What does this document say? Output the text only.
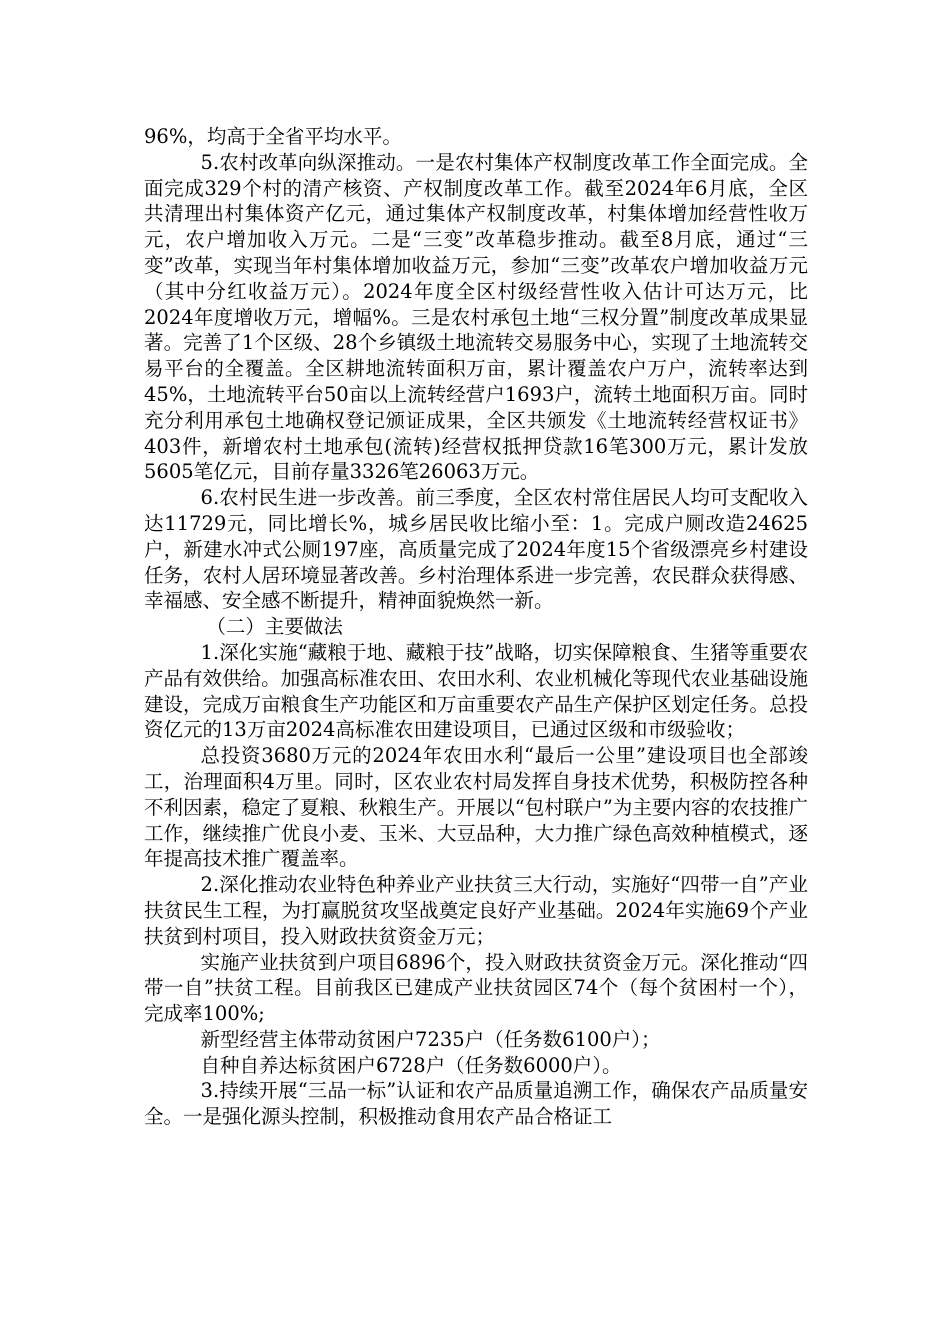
96%，均高于全省平均水平。

5.农村改革向纵深推动。一是农村集体产权制度改革工作全面完成。全面完成329个村的清产核资、产权制度改革工作。截至2024年6月底，全区共清理出村集体资产亿元，通过集体产权制度改革，村集体增加经营性收万元，农户增加收入万元。二是“三变”改革稳步推动。截至8月底，通过“三变”改革，实现当年村集体增加收益万元，参加“三变”改革农户增加收益万元（其中分红收益万元）。2024年度全区村级经营性收入估计可达万元，比2024年度增收万元，增幅%。三是农村承包土地“三权分置”制度改革成果显著。完善了1个区级、28个乡镇级土地流转交易服务中心，实现了土地流转交易平台的全覆盖。全区耕地流转面积万亩，累计覆盖农户万户，流转率达到45%，土地流转平台50亩以上流转经营户1693户，流转土地面积万亩。同时充分利用承包土地确权登记颁证成果，全区共颁发《土地流转经营权证书》403件，新增农村土地承包(流转)经营权抵押贷款16笔300万元，累计发放5605笔亿元，目前存量3326笔26063万元。

6.农村民生进一步改善。前三季度，全区农村常住居民人均可支配收入达11729元，同比增长%，城乡居民收比缩小至：1。完成户厕改造24625户，新建水冲式公厕197座，高质量完成了2024年度15个省级漂亮乡村建设任务，农村人居环境显著改善。乡村治理体系进一步完善，农民群众获得感、幸福感、安全感不断提升，精神面貌焕然一新。

（二）主要做法

1.深化实施“藏粮于地、藏粮于技”战略，切实保障粮食、生猪等重要农产品有效供给。加强高标准农田、农田水利、农业机械化等现代农业基础设施建设，完成万亩粮食生产功能区和万亩重要农产品生产保护区划定任务。总投资亿元的13万亩2024高标准农田建设项目，已通过区级和市级验收；

总投资3680万元的2024年农田水利“最后一公里”建设项目也全部竣工，治理面积4万里。同时，区农业农村局发挥自身技术优势，积极防控各种不利因素，稳定了夏粮、秋粮生产。开展以“包村联户”为主要内容的农技推广工作，继续推广优良小麦、玉米、大豆品种，大力推广绿色高效种植模式，逐年提高技术推广覆盖率。

2.深化推动农业特色种养业产业扶贫三大行动，实施好“四带一自”产业扶贫民生工程，为打赢脱贫攻坚战奠定良好产业基础。2024年实施69个产业扶贫到村项目，投入财政扶贫资金万元；

实施产业扶贫到户项目6896个，投入财政扶贫资金万元。深化推动“四带一自”扶贫工程。目前我区已建成产业扶贫园区74个（每个贫困村一个），完成率100%;

新型经营主体带动贫困户7235户（任务数6100户）；

自种自养达标贫困户6728户（任务数6000户）。

3.持续开展“三品一标”认证和农产品质量追溯工作，确保农产品质量安全。一是强化源头控制，积极推动食用农产品合格证工
